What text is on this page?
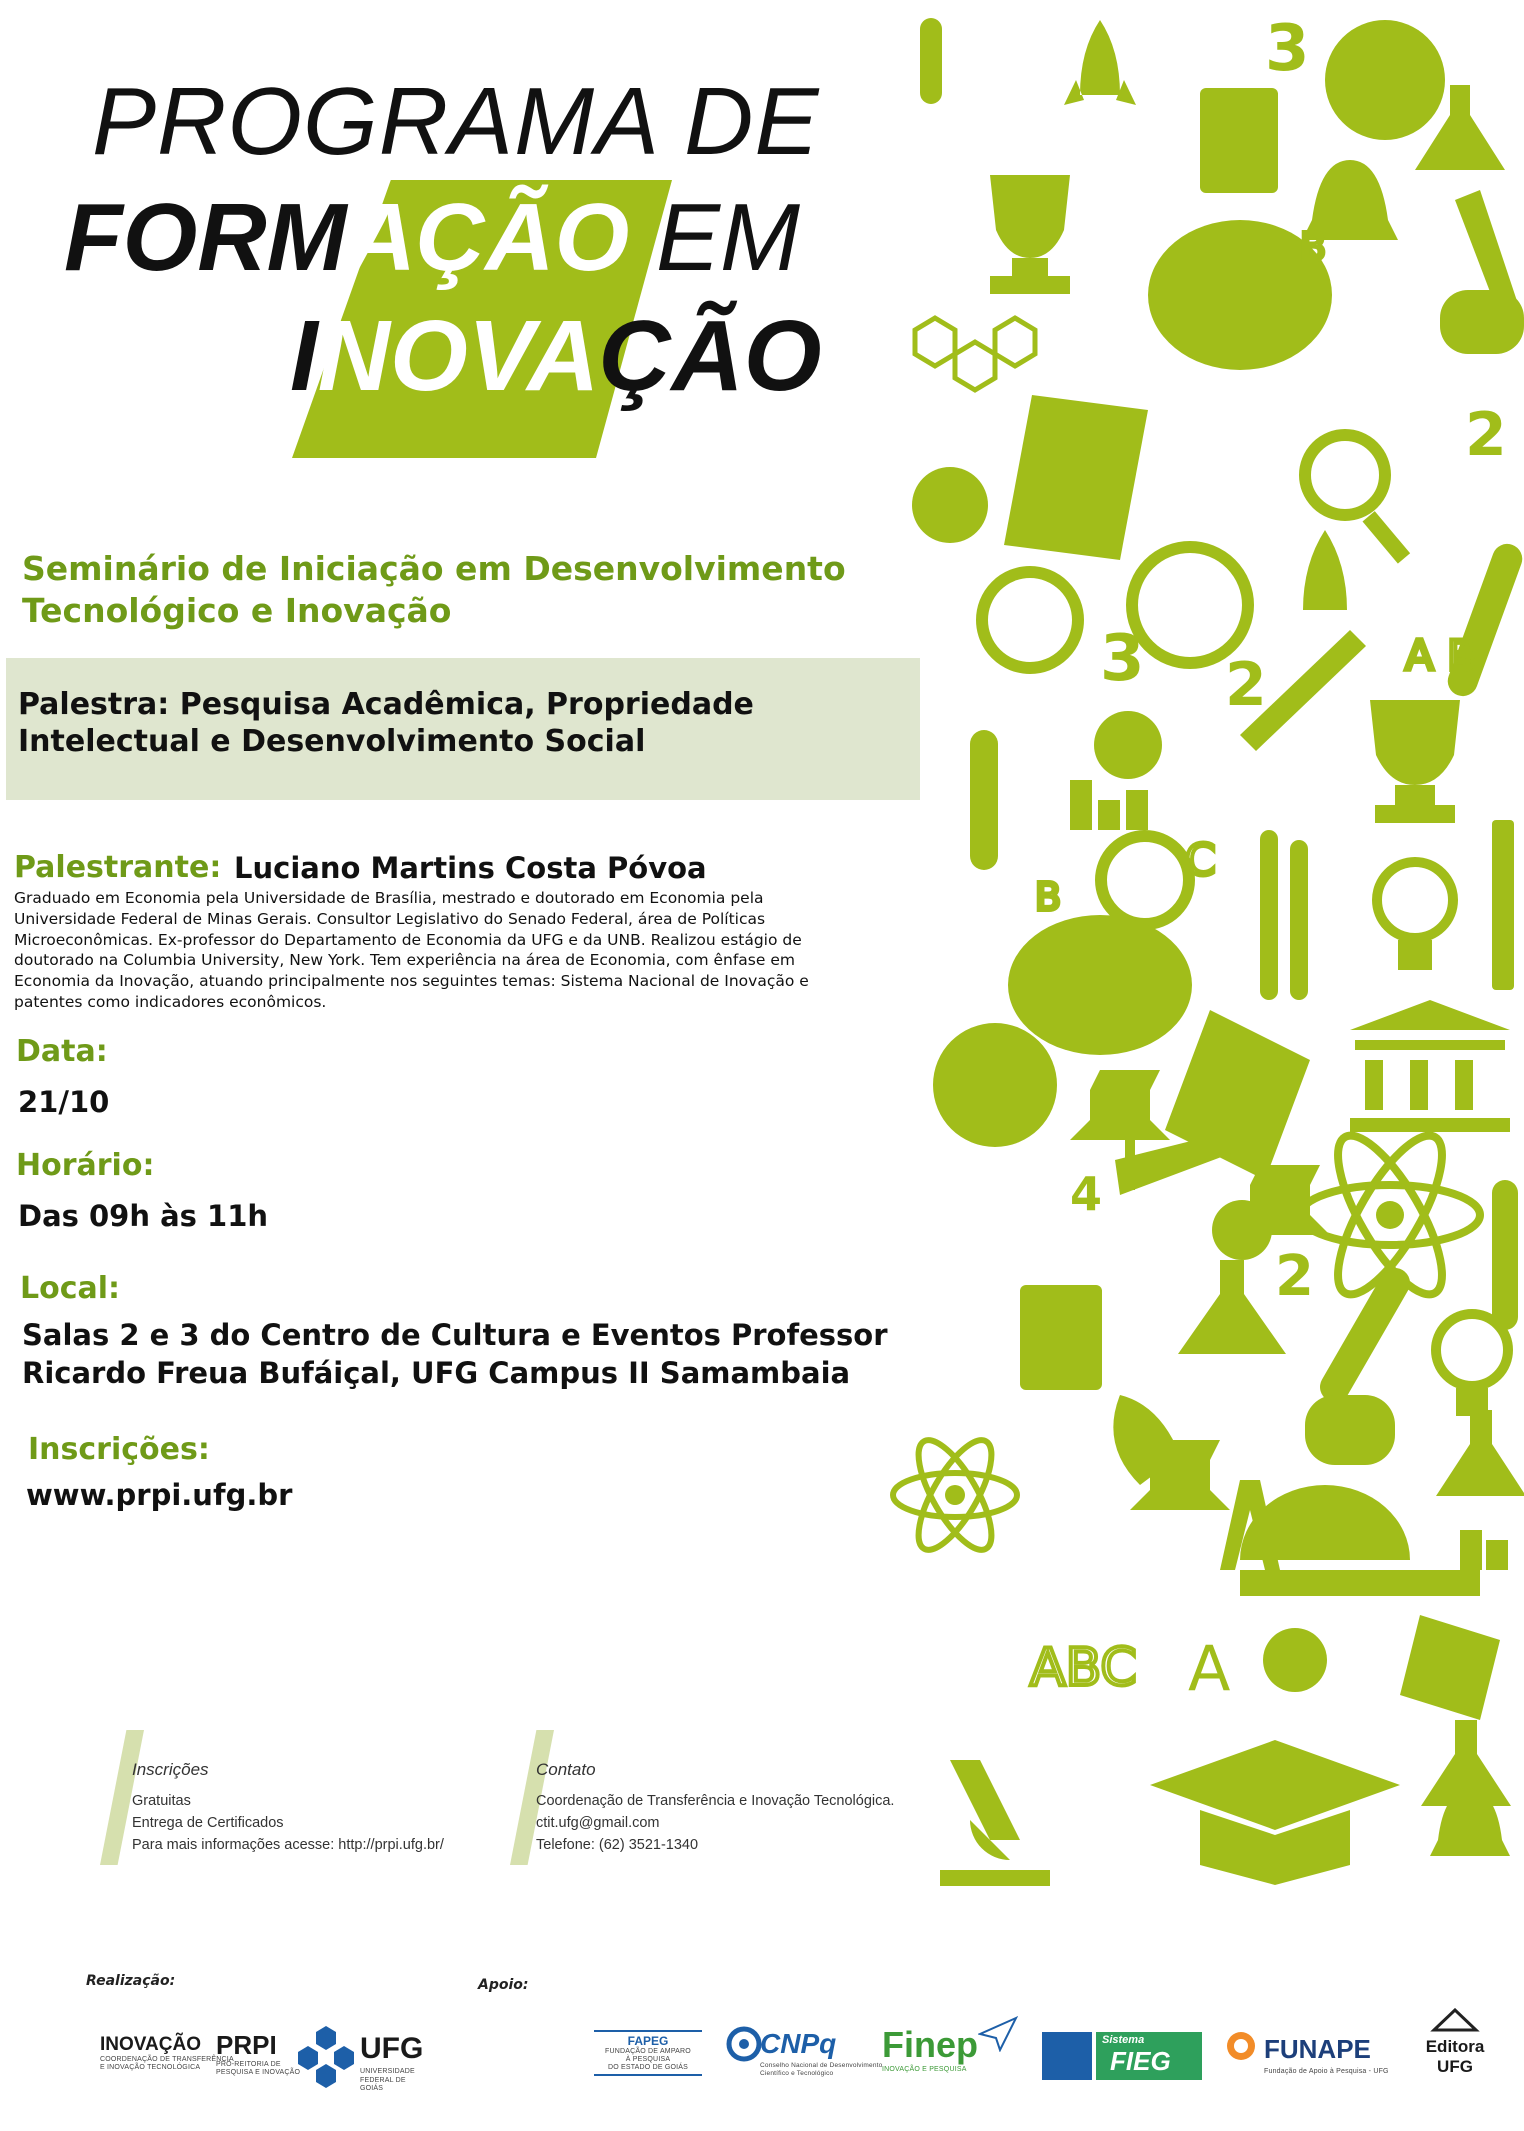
PROGRAMA DE
FORMAÇÃO EM
INOVAÇÃO
Seminário de Iniciação em Desenvolvimento Tecnológico e Inovação
Palestra: Pesquisa Acadêmica, Propriedade Intelectual e Desenvolvimento Social
Palestrante: Luciano Martins Costa Póvoa
Graduado em Economia pela Universidade de Brasília, mestrado e doutorado em Economia pela Universidade Federal de Minas Gerais. Consultor Legislativo do Senado Federal, área de Políticas Microeconômicas. Ex-professor do Departamento de Economia da UFG e da UNB. Realizou estágio de doutorado na Columbia University, New York. Tem experiência na área de Economia, com ênfase em Economia da Inovação, atuando principalmente nos seguintes temas: Sistema Nacional de Inovação e patentes como indicadores econômicos.
Data:
21/10
Horário:
Das 09h às 11h
Local:
Salas 2 e 3 do Centro de Cultura e Eventos Professor Ricardo Freua Bufáiçal, UFG Campus II Samambaia
Inscrições:
www.prpi.ufg.br
Inscrições
Gratuitas
Entrega de Certificados
Para mais informações acesse: http://prpi.ufg.br/
Contato
Coordenação de Transferência e Inovação Tecnológica.
ctit.ufg@gmail.com
Telefone: (62) 3521-1340
Realização:	Apoio:
INOVAÇÃO
COORDENAÇÃO DE TRANSFERÊNCIA
E INOVAÇÃO TECNOLÓGICA
PRPI
PRÓ-REITORIA DE
PESQUISA E INOVAÇÃO
UFG
UNIVERSIDADE
FEDERAL DE GOIÁS
FAPEG
FUNDAÇÃO DE AMPARO
À PESQUISA
DO ESTADO DE GOIÁS
CNPq
Conselho Nacional de Desenvolvimento
Científico e Tecnológico
Finep
INOVAÇÃO E PESQUISA
Sistema
FIEG	FUNAPE
Fundação de Apoio à Pesquisa - UFG
Editora
UFG
3
B
2
A B
C
B
4
2
ABC A
3 2
